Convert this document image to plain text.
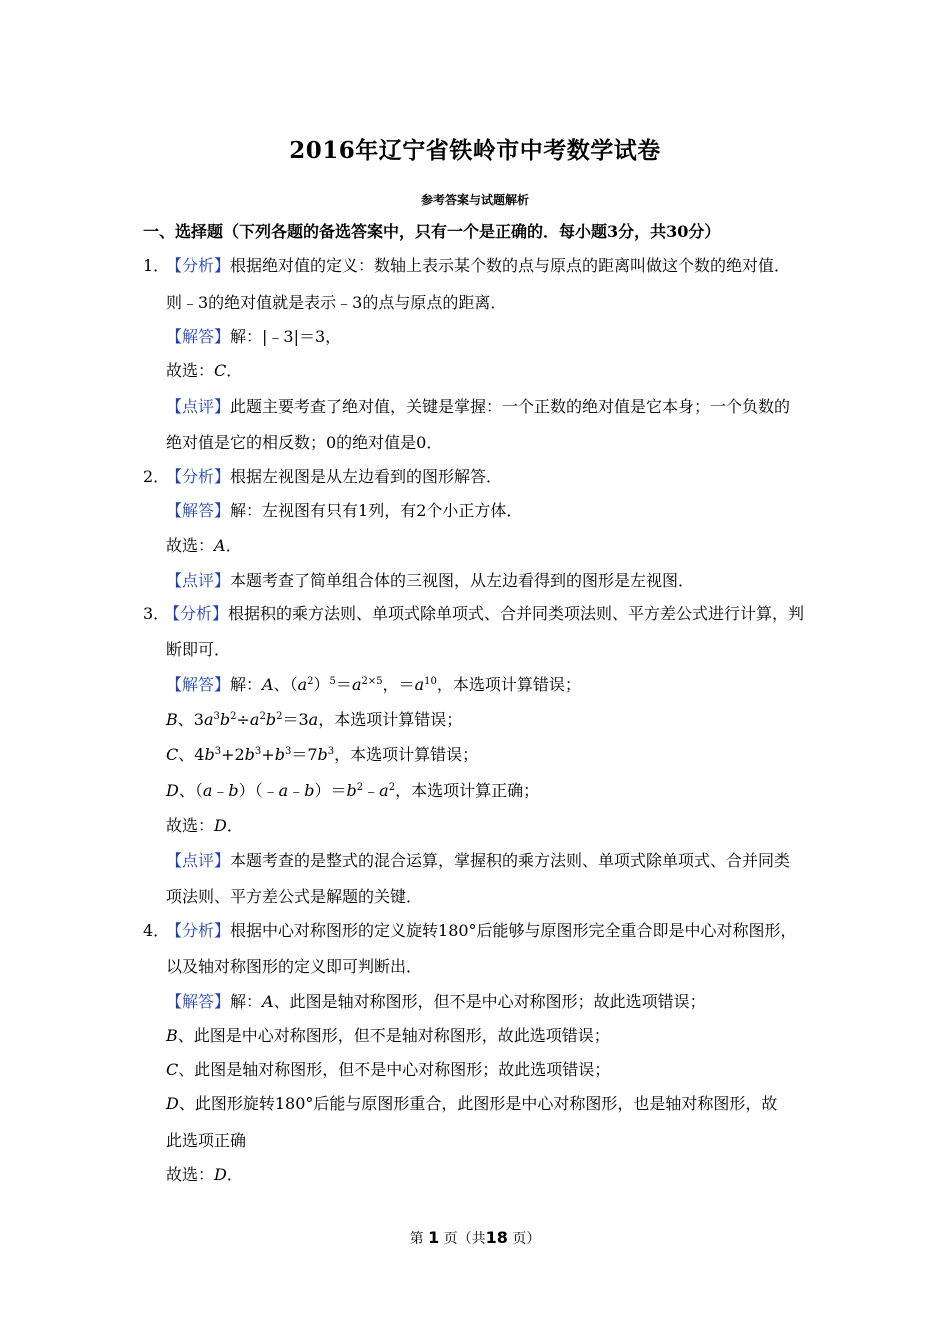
2016年辽宁省铁岭市中考数学试卷
参考答案与试题解析
一、选择题（下列各题的备选答案中，只有一个是正确的．每小题3分，共30分）
1．
【分析】根据绝对值的定义：数轴上表示某个数的点与原点的距离叫做这个数的绝对值．
则﹣3的绝对值就是表示﹣3的点与原点的距离．
【解答】解：|﹣3|＝3，
故选：C．
【点评】此题主要考查了绝对值，关键是掌握：一个正数的绝对值是它本身；一个负数的
绝对值是它的相反数；0的绝对值是0．
2．
【分析】根据左视图是从左边看到的图形解答．
【解答】解：左视图有只有1列，有2个小正方体．
故选：A．
【点评】本题考查了简单组合体的三视图，从左边看得到的图形是左视图．
3．
【分析】根据积的乘方法则、单项式除单项式、合并同类项法则、平方差公式进行计算，判
断即可．
【解答】解：A、$(a^2)^5=a^{2\times 5}$，$=a^{10}$，本选项计算错误；
B、$3a^3b^2\div a^2b^2=3a$，本选项计算错误；
C、$4b^3+2b^3+b^3=7b^3$，本选项计算错误；
D、$(a﹣b)(﹣a﹣b)=b^2﹣a^2$，本选项计算正确；
故选：D．
【点评】本题考查的是整式的混合运算，掌握积的乘方法则、单项式除单项式、合并同类
项法则、平方差公式是解题的关键．
4．
【分析】根据中心对称图形的定义旋转180°后能够与原图形完全重合即是中心对称图形，
以及轴对称图形的定义即可判断出．
【解答】解：A、此图是轴对称图形，但不是中心对称图形；故此选项错误；
B、此图是中心对称图形，但不是轴对称图形，故此选项错误；
C、此图是轴对称图形，但不是中心对称图形；故此选项错误；
D、此图形旋转180°后能与原图形重合，此图形是中心对称图形，也是轴对称图形，故
此选项正确
故选：D．
第 1 页（共18 页）
